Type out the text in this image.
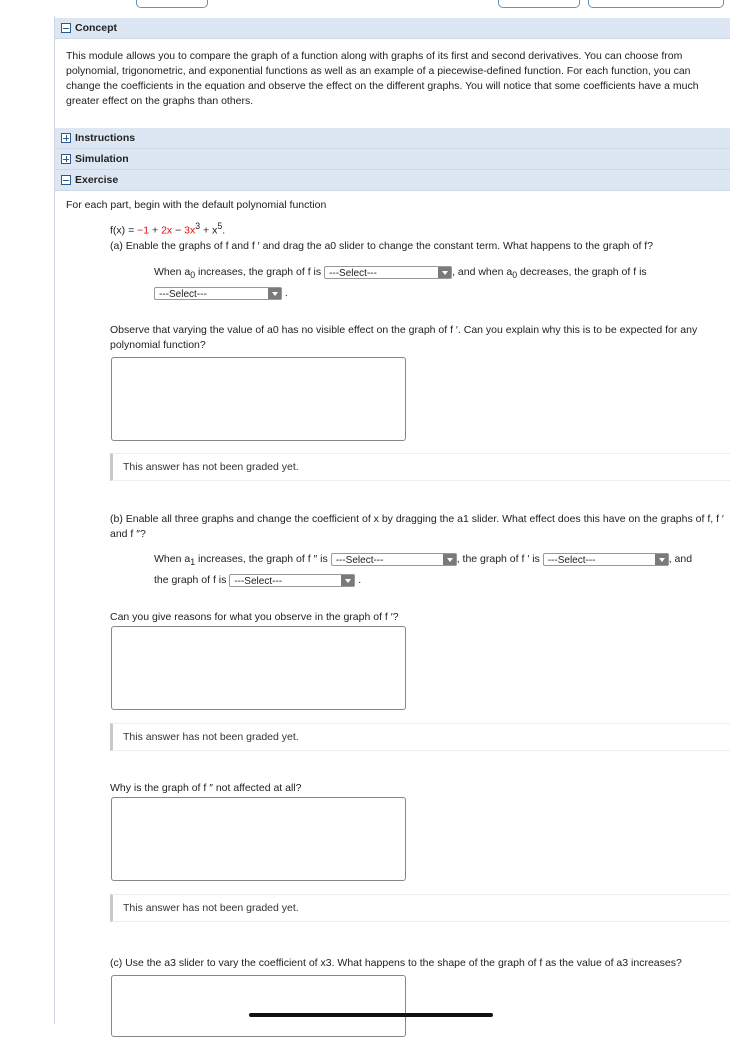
Concept
This module allows you to compare the graph of a function along with graphs of its first and second derivatives. You can choose from polynomial, trigonometric, and exponential functions as well as an example of a piecewise-defined function. For each function, you can change the coefficients in the equation and observe the effect on the different graphs. You will notice that some coefficients have a much greater effect on the graphs than others.
Instructions
Simulation
Exercise
For each part, begin with the default polynomial function
$f(x) = -1 + 2x - 3x^3 + x^5$.
(a) Enable the graphs of f and f ′ and drag the a0 slider to change the constant term. What happens to the graph of f?
When $a_0$ increases, the graph of f is ---Select---	, and when $a_0$ decreases, the graph of f is
---Select---	.
Observe that varying the value of a0 has no visible effect on the graph of f ′. Can you explain why this is to be expected for any polynomial function?
This answer has not been graded yet.
(b) Enable all three graphs and change the coefficient of x by dragging the a1 slider. What effect does this have on the graphs of f, f ′ and f ″?
When $a_1$ increases, the graph of f ″ is ---Select---	, the graph of f ′ is ---Select---	, and
the graph of f is ---Select---	.
Can you give reasons for what you observe in the graph of f ′?
This answer has not been graded yet.
Why is the graph of f ″ not affected at all?
This answer has not been graded yet.
(c) Use the a3 slider to vary the coefficient of x3. What happens to the shape of the graph of f as the value of a3 increases?
